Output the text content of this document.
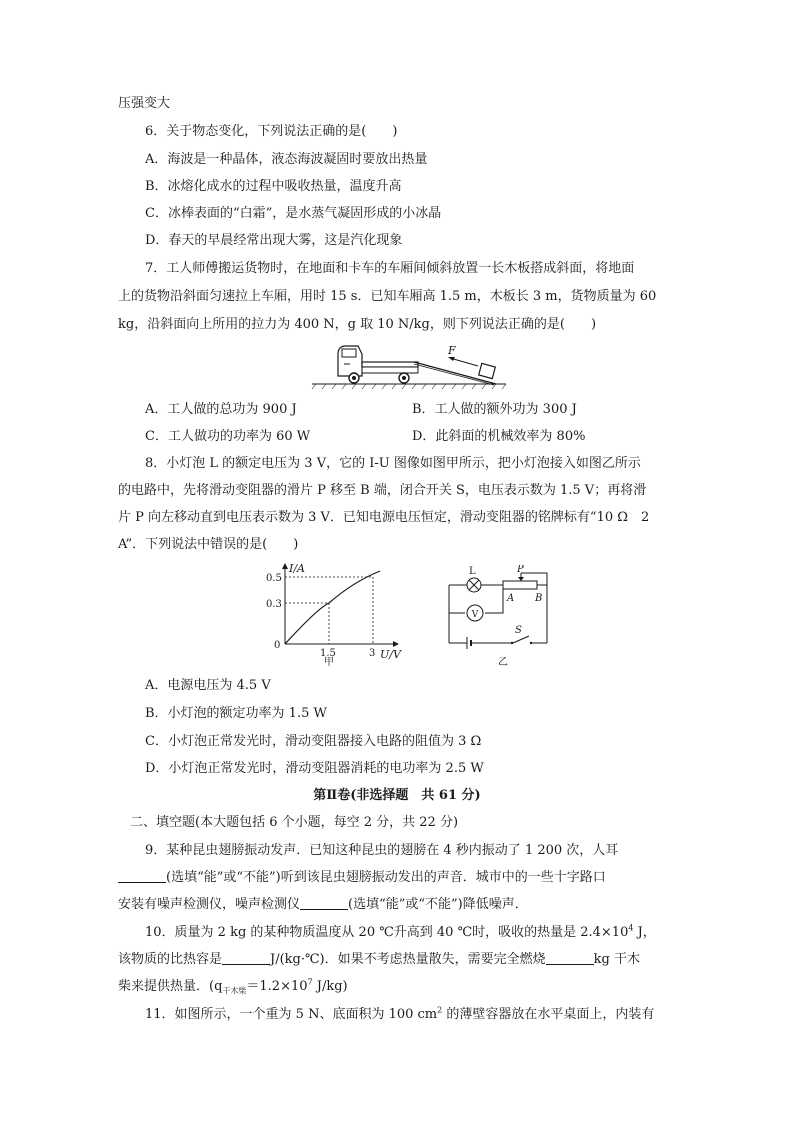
压强变大
6．关于物态变化，下列说法正确的是(　　)
A．海波是一种晶体，液态海波凝固时要放出热量
B．冰熔化成水的过程中吸收热量，温度升高
C．冰棒表面的“白霜”，是水蒸气凝固形成的小冰晶
D．春天的早晨经常出现大雾，这是汽化现象
7．工人师傅搬运货物时，在地面和卡车的车厢间倾斜放置一长木板搭成斜面，将地面
上的货物沿斜面匀速拉上车厢，用时 15 s．已知车厢高 1.5 m，木板长 3 m，货物质量为 60
kg，沿斜面向上所用的拉力为 400 N，g 取 10 N/kg，则下列说法正确的是(　　)
F
A．工人做的总功为 900 J	B．工人做的额外功为 300 J
C．工人做功的功率为 60 W	D．此斜面的机械效率为 80%
8．小灯泡 L 的额定电压为 3 V，它的 I-U 图像如图甲所示，把小灯泡接入如图乙所示
的电路中，先将滑动变阻器的滑片 P 移至 B 端，闭合开关 S，电压表示数为 1.5 V；再将滑
片 P 向左移动直到电压表示数为 3 V．已知电源电压恒定，滑动变阻器的铭牌标有“10 Ω　2
A”．下列说法中错误的是(　　)
I/A
U/V
0
0.5
0.3
1.5	3
甲
P
A B
L
V
S
乙
A．电源电压为 4.5 V
B．小灯泡的额定功率为 1.5 W
C．小灯泡正常发光时，滑动变阻器接入电路的阻值为 3 Ω
D．小灯泡正常发光时，滑动变阻器消耗的电功率为 2.5 W
第Ⅱ卷(非选择题　共 61 分)
二、填空题(本大题包括 6 个小题，每空 2 分，共 22 分)
9．某种昆虫翅膀振动发声．已知这种昆虫的翅膀在 4 秒内振动了 1 200 次，人耳
(选填“能”或“不能”)听到该昆虫翅膀振动发出的声音．城市中的一些十字路口
安装有噪声检测仪，噪声检测仪	(选填“能”或“不能”)降低噪声．
10．质量为 2 kg 的某种物质温度从 20 ℃升高到 40 ℃时，吸收的热量是 $2.4\times 10^4$ J，
该物质的比热容是	J/(kg·℃)．如果不考虑热量散失，需要完全燃烧	kg 干木
柴来提供热量．($q_{干木柴}=1.2\times 10^7$ J/kg)
11．如图所示，一个重为 5 N、底面积为 100 $cm^2$ 的薄壁容器放在水平桌面上，内装有
